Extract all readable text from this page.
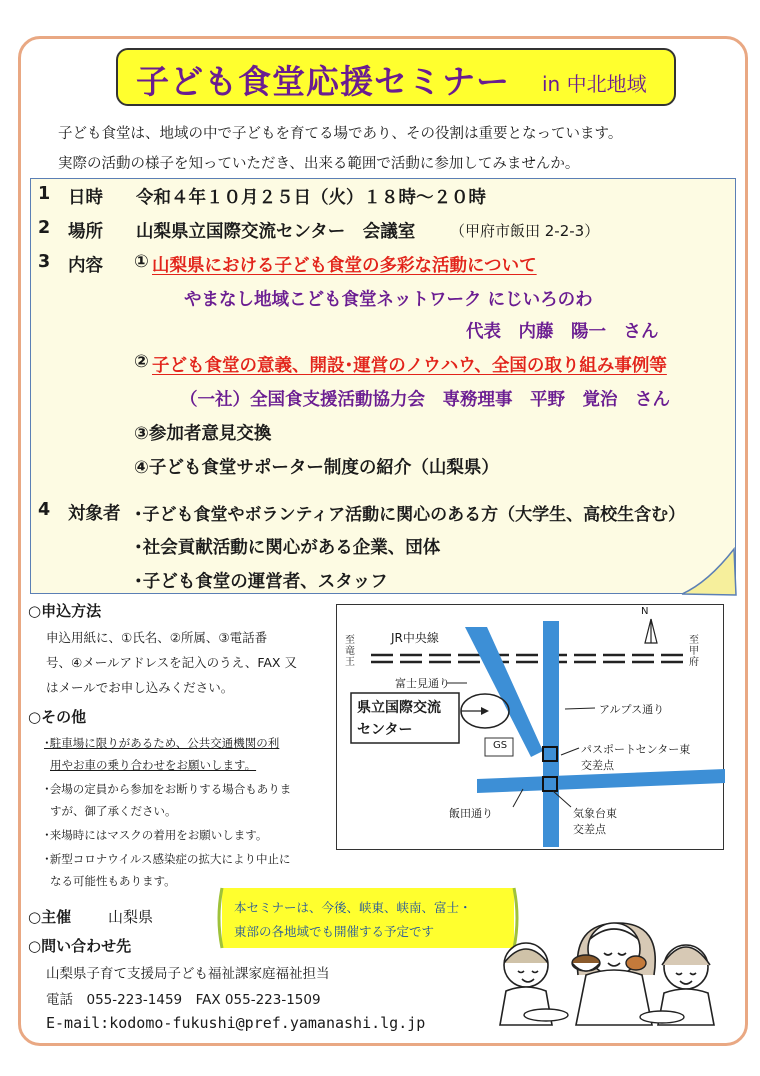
子ども食堂応援セミナー in 中北地域
子ども食堂は、地域の中で子どもを育てる場であり、その役割は重要となっています。
実際の活動の様子を知っていただき、出来る範囲で活動に参加してみませんか。
1 日時 令和４年１０月２５日（火）１８時～２０時
2 場所 山梨県立国際交流センター　会議室 （甲府市飯田 2-2-3）
3 内容 ① 山梨県における子ども食堂の多彩な活動について
やまなし地域こども食堂ネットワーク にじいろのわ
代表　内藤　陽一　さん
② 子ども食堂の意義、開設･運営のノウハウ、全国の取り組み事例等
（一社）全国食支援活動協力会　専務理事　平野　覚治　さん
③参加者意見交換
④子ども食堂サポーター制度の紹介（山梨県）
4 対象者 ･子ども食堂やボランティア活動に関心のある方（大学生、高校生含む）
･社会貢献活動に関心がある企業、団体
･子ども食堂の運営者、スタッフ
○申込方法
申込用紙に、①氏名、②所属、③電話番
号、④メールアドレスを記入のうえ、FAX 又
はメールでお申し込みください。
○その他
･駐車場に限りがあるため、公共交通機関の利
用やお車の乗り合わせをお願いします。
･会場の定員から参加をお断りする場合もありま
すが、御了承ください。
･来場時にはマスクの着用をお願いします。
･新型コロナウイルス感染症の拡大により中止に
なる可能性もあります。
○主催 山梨県
○問い合わせ先
山梨県子育て支援局子ども福祉課家庭福祉担当
電話　055-223-1459　FAX 055-223-1509
E-mail:kodomo-fukushi@pref.yamanashi.lg.jp
N
JR中央線
至竜王
至甲府
富士見通り
県立国際交流
センター
アルプス通り
GS	パスポートセンター東
交差点
飯田通り	気象台東
交差点
本セミナーは、今後、峡東、峡南、富士・
東部の各地域でも開催する予定です
